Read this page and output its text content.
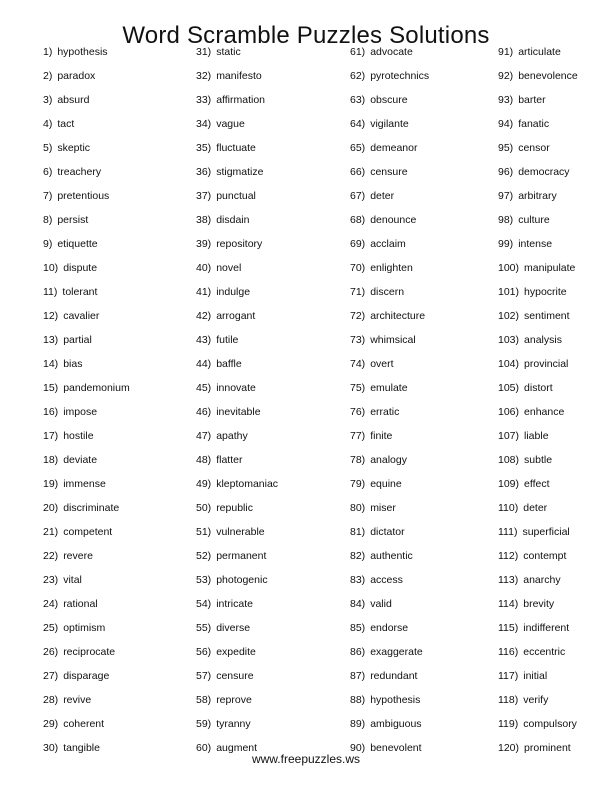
Word Scramble Puzzles Solutions
1) hypothesis
2) paradox
3) absurd
4) tact
5) skeptic
6) treachery
7) pretentious
8) persist
9) etiquette
10) dispute
11) tolerant
12) cavalier
13) partial
14) bias
15) pandemonium
16) impose
17) hostile
18) deviate
19) immense
20) discriminate
21) competent
22) revere
23) vital
24) rational
25) optimism
26) reciprocate
27) disparage
28) revive
29) coherent
30) tangible
31) static
32) manifesto
33) affirmation
34) vague
35) fluctuate
36) stigmatize
37) punctual
38) disdain
39) repository
40) novel
41) indulge
42) arrogant
43) futile
44) baffle
45) innovate
46) inevitable
47) apathy
48) flatter
49) kleptomaniac
50) republic
51) vulnerable
52) permanent
53) photogenic
54) intricate
55) diverse
56) expedite
57) censure
58) reprove
59) tyranny
60) augment
61) advocate
62) pyrotechnics
63) obscure
64) vigilante
65) demeanor
66) censure
67) deter
68) denounce
69) acclaim
70) enlighten
71) discern
72) architecture
73) whimsical
74) overt
75) emulate
76) erratic
77) finite
78) analogy
79) equine
80) miser
81) dictator
82) authentic
83) access
84) valid
85) endorse
86) exaggerate
87) redundant
88) hypothesis
89) ambiguous
90) benevolent
91) articulate
92) benevolence
93) barter
94) fanatic
95) censor
96) democracy
97) arbitrary
98) culture
99) intense
100) manipulate
101) hypocrite
102) sentiment
103) analysis
104) provincial
105) distort
106) enhance
107) liable
108) subtle
109) effect
110) deter
111) superficial
112) contempt
113) anarchy
114) brevity
115) indifferent
116) eccentric
117) initial
118) verify
119) compulsory
120) prominent
www.freepuzzles.ws
